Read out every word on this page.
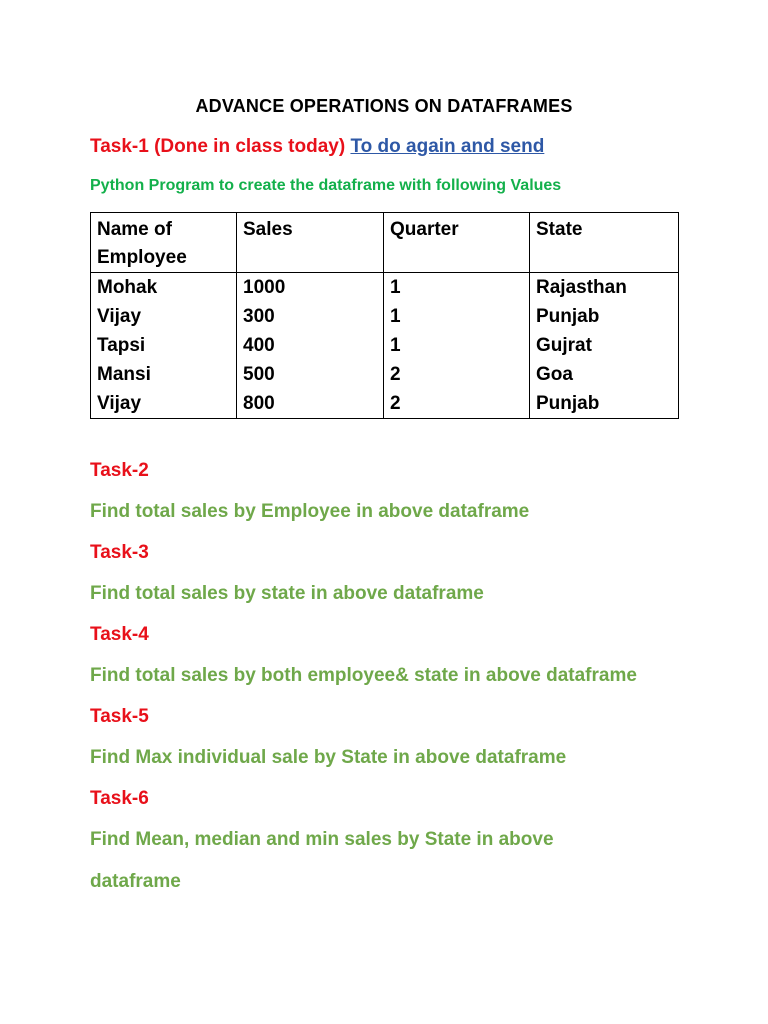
ADVANCE OPERATIONS ON DATAFRAMES
Task-1 (Done in class today) To do again and send
Python Program to create the dataframe with following Values
Name of Employee	Sales	Quarter	State
Mohak	1000	1	Rajasthan
Vijay	300	1	Punjab
Tapsi	400	1	Gujrat
Mansi	500	2	Goa
Vijay	800	2	Punjab
Task-2
Find total sales by Employee in above dataframe
Task-3
Find total sales by state in above dataframe
Task-4
Find total sales by both employee& state in above dataframe
Task-5
Find Max individual sale by State in above dataframe
Task-6
Find Mean, median and min sales by State in above
dataframe
